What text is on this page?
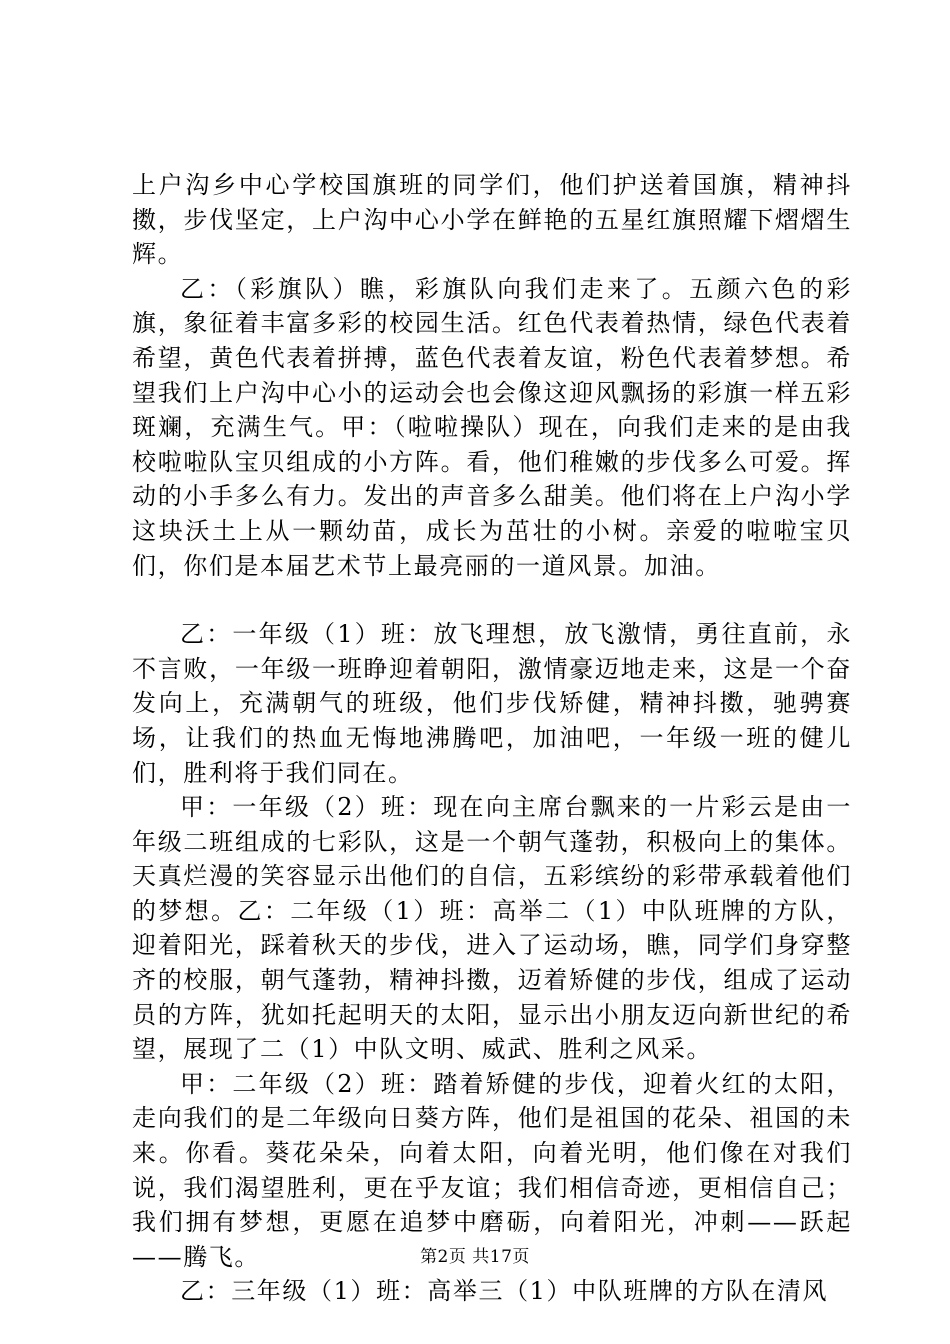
上户沟乡中心学校国旗班的同学们，他们护送着国旗，精神抖擞，步伐坚定，上户沟中心小学在鲜艳的五星红旗照耀下熠熠生辉。

乙：（彩旗队）瞧，彩旗队向我们走来了。五颜六色的彩旗，象征着丰富多彩的校园生活。红色代表着热情，绿色代表着希望，黄色代表着拼搏，蓝色代表着友谊，粉色代表着梦想。希望我们上户沟中心小的运动会也会像这迎风飘扬的彩旗一样五彩斑斓，充满生气。甲：（啦啦操队）现在，向我们走来的是由我校啦啦队宝贝组成的小方阵。看，他们稚嫩的步伐多么可爱。挥动的小手多么有力。发出的声音多么甜美。他们将在上户沟小学这块沃土上从一颗幼苗，成长为茁壮的小树。亲爱的啦啦宝贝们，你们是本届艺术节上最亮丽的一道风景。加油。

乙：一年级（1）班：放飞理想，放飞激情，勇往直前，永不言败，一年级一班睁迎着朝阳，激情豪迈地走来，这是一个奋发向上，充满朝气的班级，他们步伐矫健，精神抖擞，驰骋赛场，让我们的热血无悔地沸腾吧，加油吧，一年级一班的健儿们，胜利将于我们同在。

甲：一年级（2）班：现在向主席台飘来的一片彩云是由一年级二班组成的七彩队，这是一个朝气蓬勃，积极向上的集体。天真烂漫的笑容显示出他们的自信，五彩缤纷的彩带承载着他们的梦想。乙：二年级（1）班：高举二（1）中队班牌的方队，迎着阳光，踩着秋天的步伐，进入了运动场，瞧，同学们身穿整齐的校服，朝气蓬勃，精神抖擞，迈着矫健的步伐，组成了运动员的方阵，犹如托起明天的太阳，显示出小朋友迈向新世纪的希望，展现了二（1）中队文明、威武、胜利之风采。

甲：二年级（2）班：踏着矫健的步伐，迎着火红的太阳，走向我们的是二年级向日葵方阵，他们是祖国的花朵、祖国的未来。你看。葵花朵朵，向着太阳，向着光明，他们像在对我们说，我们渴望胜利，更在乎友谊；我们相信奇迹，更相信自己；我们拥有梦想，更愿在追梦中磨砺，向着阳光，冲刺——跃起——腾飞。

乙：三年级（1）班：高举三（1）中队班牌的方队在清风

第2页 共17页
